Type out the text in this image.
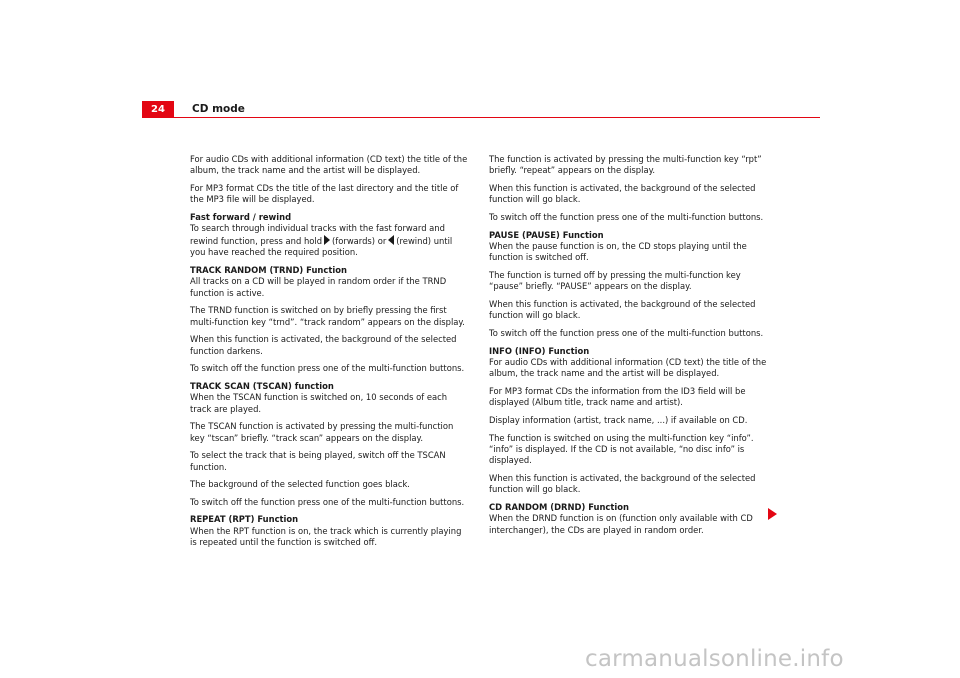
24	CD mode

For audio CDs with additional information (CD text) the title of the album, the track name and the artist will be displayed.

For MP3 format CDs the title of the last directory and the title of the MP3 file will be displayed.

Fast forward / rewind

To search through individual tracks with the fast forward and rewind function, press and hold (forwards) or (rewind) until you have reached the required position.

TRACK RANDOM (TRND) Function

All tracks on a CD will be played in random order if the TRND function is active.

The TRND function is switched on by briefly pressing the first multi-function key “trnd”. “track random” appears on the display.

When this function is activated, the background of the selected function darkens.

To switch off the function press one of the multi-function buttons.

TRACK SCAN (TSCAN) function

When the TSCAN function is switched on, 10 seconds of each track are played.

The TSCAN function is activated by pressing the multi-function key “tscan” briefly. “track scan” appears on the display.

To select the track that is being played, switch off the TSCAN function.

The background of the selected function goes black.

To switch off the function press one of the multi-function buttons.

REPEAT (RPT) Function

When the RPT function is on, the track which is currently playing is repeated until the function is switched off.

The function is activated by pressing the multi-function key “rpt” briefly. “repeat” appears on the display.

When this function is activated, the background of the selected function will go black.

To switch off the function press one of the multi-function buttons.

PAUSE (PAUSE) Function

When the pause function is on, the CD stops playing until the function is switched off.

The function is turned off by pressing the multi-function key “pause” briefly. “PAUSE” appears on the display.

When this function is activated, the background of the selected function will go black.

To switch off the function press one of the multi-function buttons.

INFO (INFO) Function

For audio CDs with additional information (CD text) the title of the album, the track name and the artist will be displayed.

For MP3 format CDs the information from the ID3 field will be displayed (Album title, track name and artist).

Display information (artist, track name, ...) if available on CD.

The function is switched on using the multi-function key “info”. “info” is displayed. If the CD is not available, “no disc info” is displayed.

When this function is activated, the background of the selected function will go black.

CD RANDOM (DRND) Function

When the DRND function is on (function only available with CD interchanger), the CDs are played in random order.

carmanualsonline.info
